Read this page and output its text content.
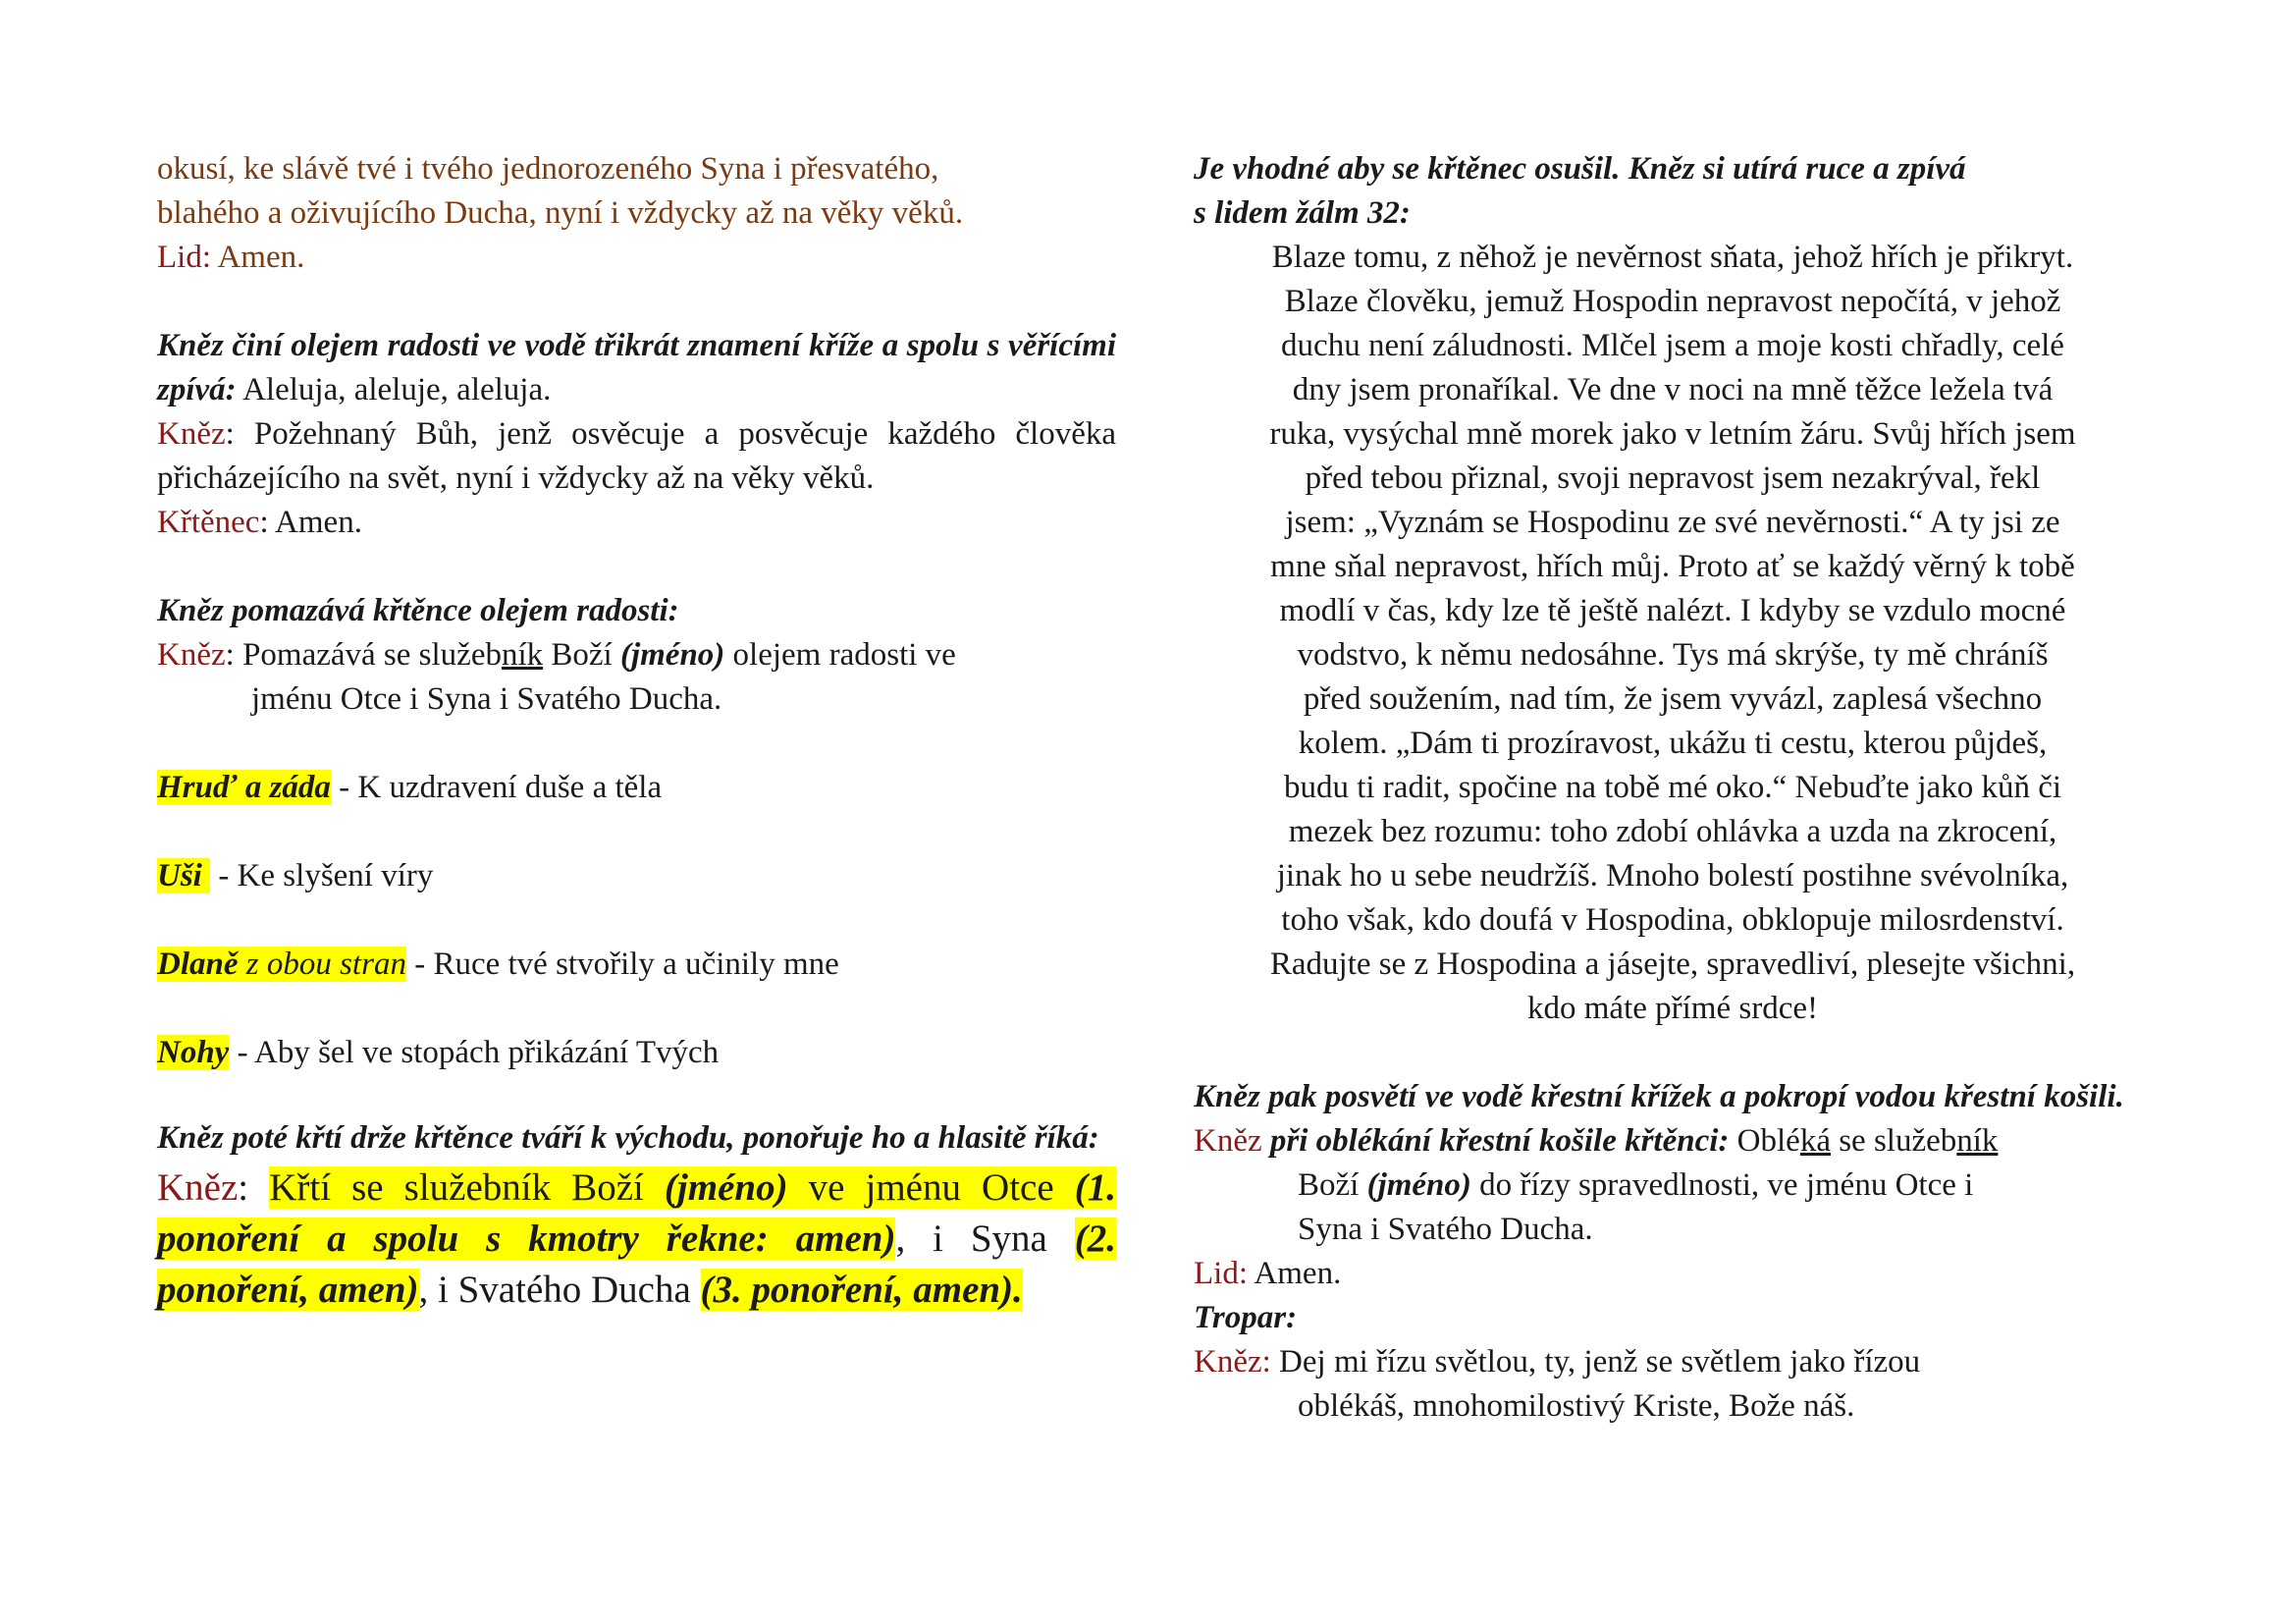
okusí, ke slávě tvé i tvého jednorozeného Syna i přesvatého,

blahého a oživujícího Ducha, nyní i vždycky až na věky věků.

Lid: Amen.

Kněz činí olejem radosti ve vodě třikrát znamení kříže a spolu s věřícími zpívá: Aleluja, aleluje, aleluja.

Kněz: Požehnaný Bůh, jenž osvěcuje a posvěcuje každého člověka přicházejícího na svět, nyní i vždycky až na věky věků.

Křtěnec: Amen.

Kněz pomazává křtěnce olejem radosti:

Kněz: Pomazává se služebník Boží (jméno) olejem radosti ve

jménu Otce i Syna i Svatého Ducha.

Hruď a záda - K uzdravení duše a těla

Uši  - Ke slyšení víry

Dlaně z obou stran - Ruce tvé stvořily a učinily mne

Nohy - Aby šel ve stopách přikázání Tvých

Kněz poté křtí drže křtěnce tváří k východu, ponořuje ho a hlasitě říká:

Kněz: Křtí se služebník Boží (jméno) ve jménu Otce (1. ponoření a spolu s kmotry řekne: amen), i Syna (2. ponoření, amen), i Svatého Ducha (3. ponoření, amen).

Je vhodné aby se křtěnec osušil. Kněz si utírá ruce a zpívá

s lidem žálm 32:

Blaze tomu, z něhož je nevěrnost sňata, jehož hřích je přikryt.

Blaze člověku, jemuž Hospodin nepravost nepočítá, v jehož

duchu není záludnosti. Mlčel jsem a moje kosti chřadly, celé

dny jsem pronaříkal. Ve dne v noci na mně těžce ležela tvá

ruka, vysýchal mně morek jako v letním žáru. Svůj hřích jsem

před tebou přiznal, svoji nepravost jsem nezakrýval, řekl

jsem: „Vyznám se Hospodinu ze své nevěrnosti.“ A ty jsi ze

mne sňal nepravost, hřích můj. Proto ať se každý věrný k tobě

modlí v čas, kdy lze tě ještě nalézt. I kdyby se vzdulo mocné

vodstvo, k němu nedosáhne. Tys má skrýše, ty mě chráníš

před soužením, nad tím, že jsem vyvázl, zaplesá všechno

kolem. „Dám ti prozíravost, ukážu ti cestu, kterou půjdeš,

budu ti radit, spočine na tobě mé oko.“ Nebuďte jako kůň či

mezek bez rozumu: toho zdobí ohlávka a uzda na zkrocení,

jinak ho u sebe neudržíš. Mnoho bolestí postihne svévolníka,

toho však, kdo doufá v Hospodina, obklopuje milosrdenství.

Radujte se z Hospodina a jásejte, spravedliví, plesejte všichni,

kdo máte přímé srdce!

Kněz pak posvětí ve vodě křestní křížek a pokropí vodou křestní košili.

Kněz při oblékání křestní košile křtěnci: Obléká se služebník

Boží (jméno) do řízy spravedlnosti, ve jménu Otce i

Syna i Svatého Ducha.

Lid: Amen.

Tropar:

Kněz: Dej mi řízu světlou, ty, jenž se světlem jako řízou

oblékáš, mnohomilostivý Kriste, Bože náš.
